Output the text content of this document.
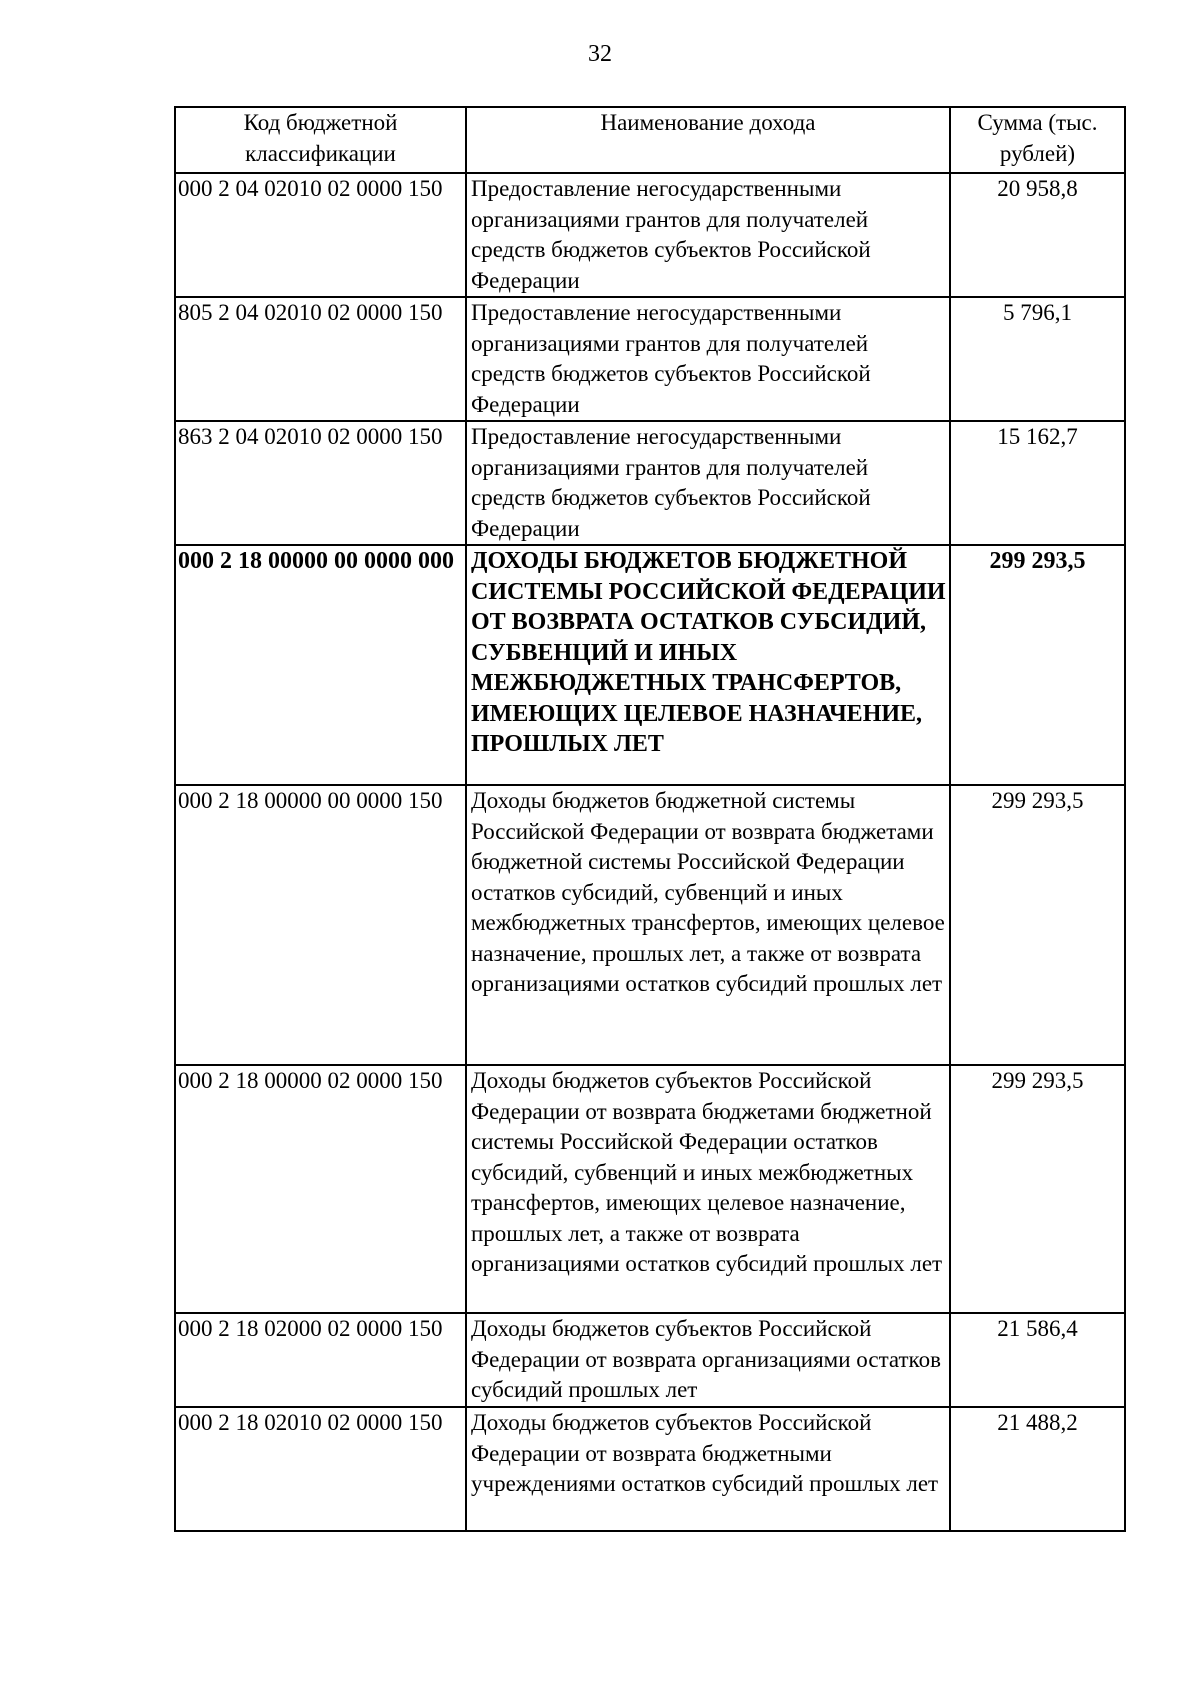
32
Код бюджетной классификации	Наименование дохода	Сумма (тыс. рублей)
000 2 04 02010 02 0000 150	Предоставление негосударственными организациями грантов для получателей средств бюджетов субъектов Российской Федерации	20 958,8
805 2 04 02010 02 0000 150	Предоставление негосударственными организациями грантов для получателей средств бюджетов субъектов Российской Федерации	5 796,1
863 2 04 02010 02 0000 150	Предоставление негосударственными организациями грантов для получателей средств бюджетов субъектов Российской Федерации	15 162,7
000 2 18 00000 00 0000 000	ДОХОДЫ БЮДЖЕТОВ БЮДЖЕТНОЙ СИСТЕМЫ РОССИЙСКОЙ ФЕДЕРАЦИИ ОТ ВОЗВРАТА ОСТАТКОВ СУБСИДИЙ, СУБВЕНЦИЙ И ИНЫХ МЕЖБЮДЖЕТНЫХ ТРАНСФЕРТОВ, ИМЕЮЩИХ ЦЕЛЕВОЕ НАЗНАЧЕНИЕ, ПРОШЛЫХ ЛЕТ	299 293,5
000 2 18 00000 00 0000 150	Доходы бюджетов бюджетной системы Российской Федерации от возврата бюджетами бюджетной системы Российской Федерации остатков субсидий, субвенций и иных межбюджетных трансфертов, имеющих целевое назначение, прошлых лет, а также от возврата организациями остатков субсидий прошлых лет	299 293,5
000 2 18 00000 02 0000 150	Доходы бюджетов субъектов Российской Федерации от возврата бюджетами бюджетной системы Российской Федерации остатков субсидий, субвенций и иных межбюджетных трансфертов, имеющих целевое назначение, прошлых лет, а также от возврата организациями остатков субсидий прошлых лет	299 293,5
000 2 18 02000 02 0000 150	Доходы бюджетов субъектов Российской Федерации от возврата организациями остатков субсидий прошлых лет	21 586,4
000 2 18 02010 02 0000 150	Доходы бюджетов субъектов Российской Федерации от возврата бюджетными учреждениями остатков субсидий прошлых лет	21 488,2
